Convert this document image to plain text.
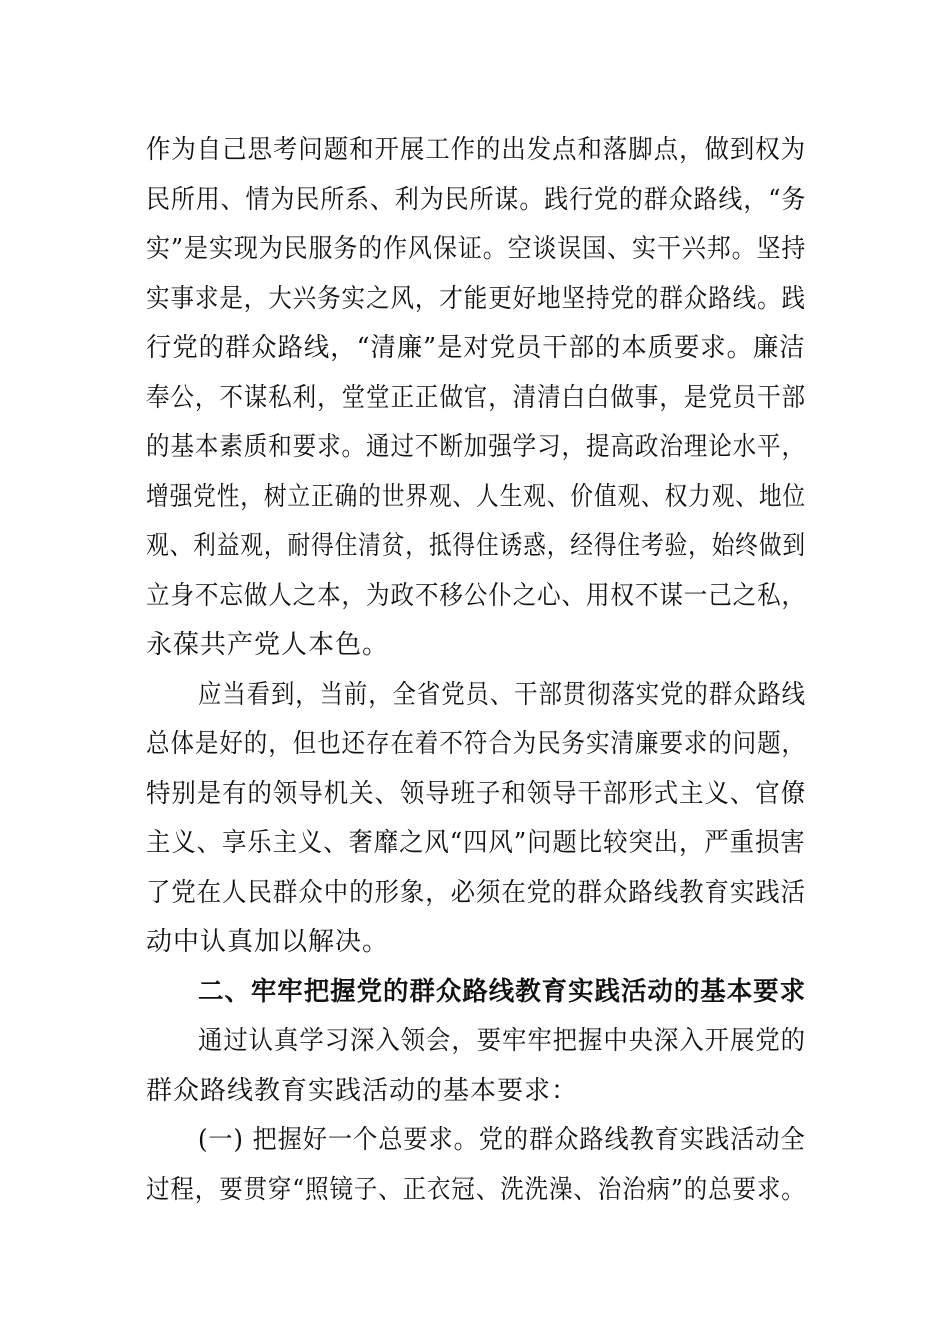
作为自己思考问题和开展工作的出发点和落脚点，做到权为
民所用、情为民所系、利为民所谋。践行党的群众路线，“务
实”是实现为民服务的作风保证。空谈误国、实干兴邦。坚持
实事求是，大兴务实之风，才能更好地坚持党的群众路线。践
行党的群众路线，“清廉”是对党员干部的本质要求。廉洁
奉公，不谋私利，堂堂正正做官，清清白白做事，是党员干部
的基本素质和要求。通过不断加强学习，提高政治理论水平，
增强党性，树立正确的世界观、人生观、价值观、权力观、地位
观、利益观，耐得住清贫，抵得住诱惑，经得住考验，始终做到
立身不忘做人之本，为政不移公仆之心、用权不谋一己之私，
永葆共产党人本色。
应当看到，当前，全省党员、干部贯彻落实党的群众路线
总体是好的，但也还存在着不符合为民务实清廉要求的问题，
特别是有的领导机关、领导班子和领导干部形式主义、官僚
主义、享乐主义、奢靡之风“四风”问题比较突出，严重损害
了党在人民群众中的形象，必须在党的群众路线教育实践活
动中认真加以解决。
二、牢牢把握党的群众路线教育实践活动的基本要求
通过认真学习深入领会，要牢牢把握中央深入开展党的
群众路线教育实践活动的基本要求：
(一) 把握好一个总要求。党的群众路线教育实践活动全
过程，要贯穿“照镜子、正衣冠、洗洗澡、治治病”的总要求。
